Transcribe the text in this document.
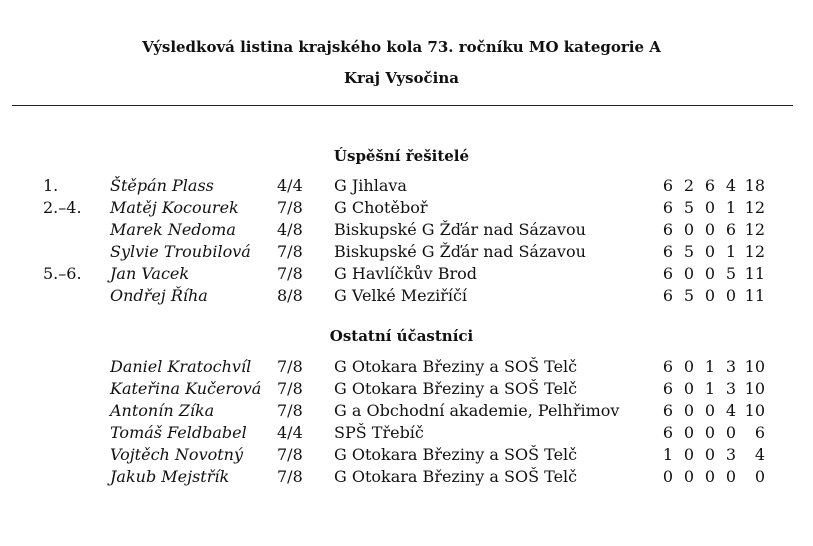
Výsledková listina krajského kola 73. ročníku MO kategorie A
Kraj Vysočina
Úspěšní řešitelé
1.	Štěpán Plass	4/4 G Jihlava	6 2 6 4 18
2.–4. Matěj Kocourek 7/8 G Chotěboř	6 5 0 1 12
Marek Nedoma	4/8 Biskupské G Žďár nad Sázavou	6 0 0 6 12
Sylvie Troubilová 7/8 Biskupské G Žďár nad Sázavou	6 5 0 1 12
5.–6. Jan Vacek	7/8 G Havlíčkův Brod	6 0 0 5 11
Ondřej Říha	8/8 G Velké Meziříčí	6 5 0 0 11
Ostatní účastníci
Daniel Kratochvíl 7/8 G Otokara Březiny a SOŠ Telč	6 0 1 3 10
Kateřina Kučerová 7/8 G Otokara Březiny a SOŠ Telč	6 0 1 3 10
Antonín Zíka	7/8 G a Obchodní akademie, Pelhřimov	6 0 0 4 10
Tomáš Feldbabel 4/4 SPŠ Třebíč	6 0 0 0	6
Vojtěch Novotný 7/8 G Otokara Březiny a SOŠ Telč	1 0 0 3	4
Jakub Mejstřík	7/8 G Otokara Březiny a SOŠ Telč	0 0 0 0	0
